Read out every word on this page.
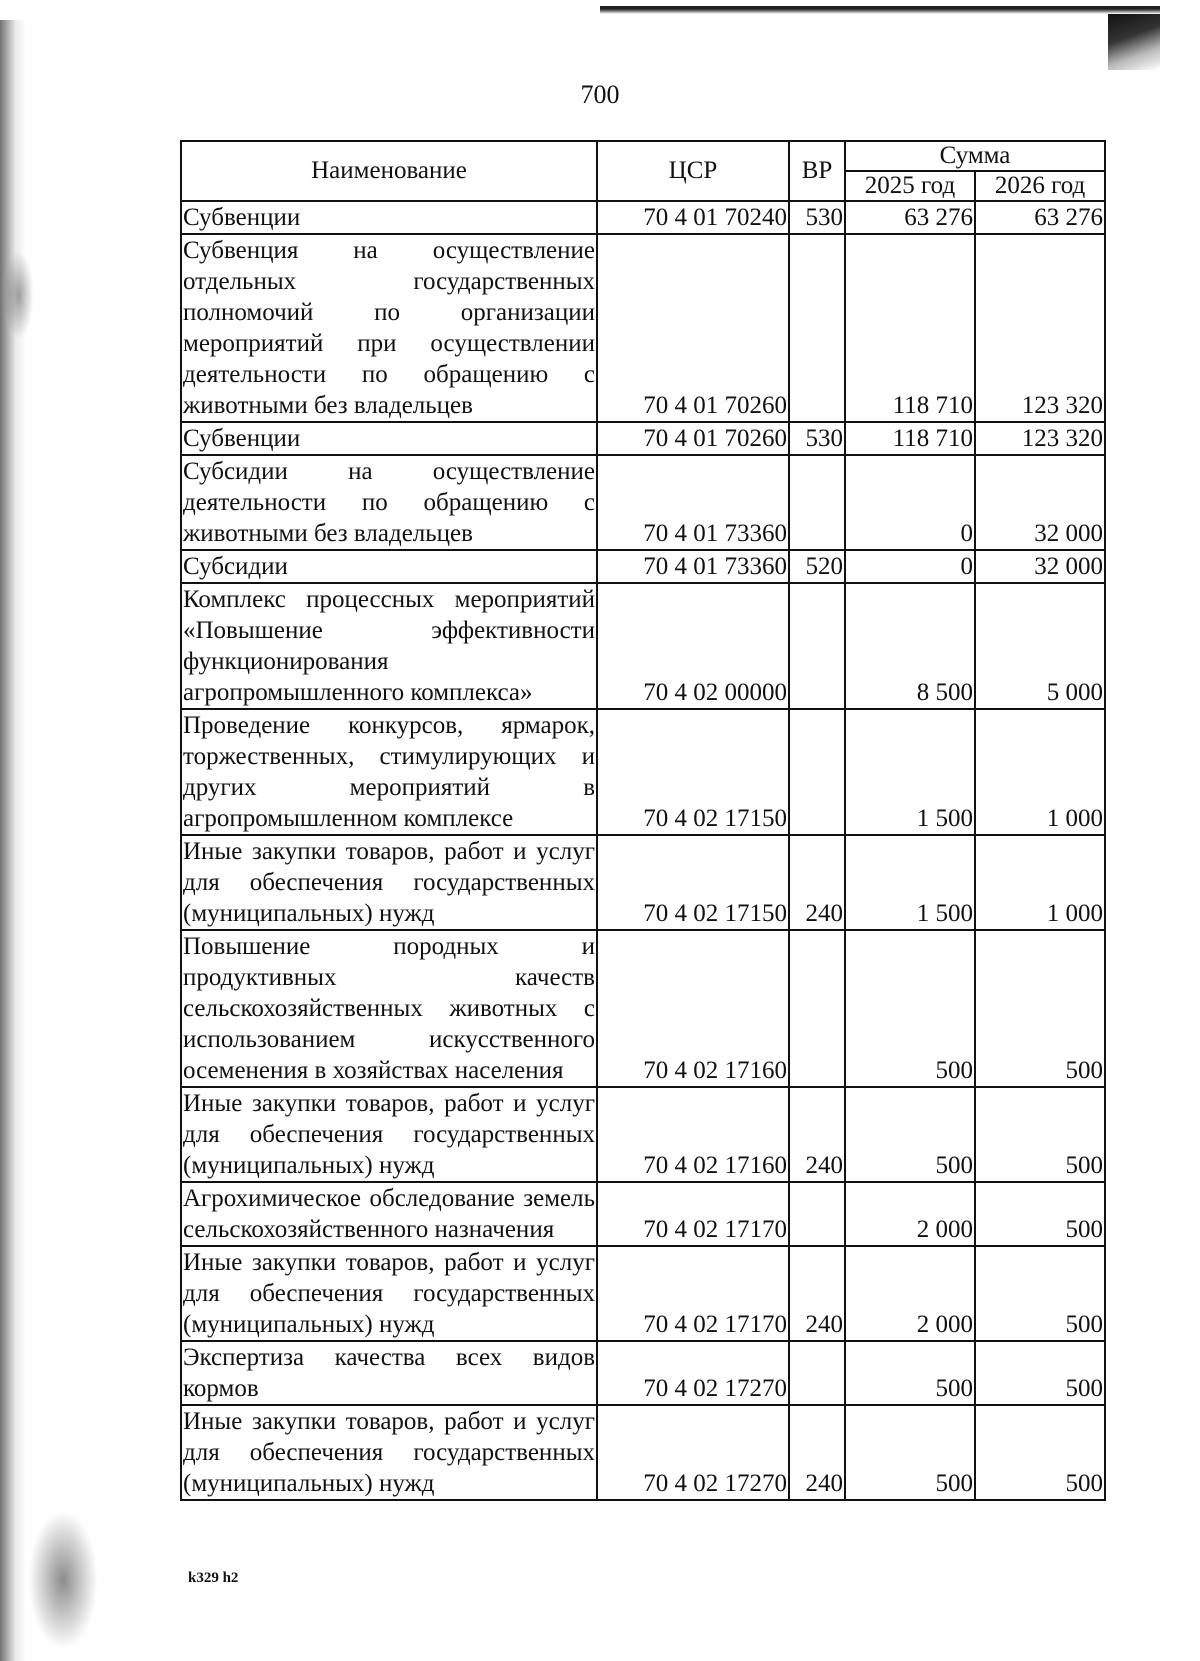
700
Наименование	ЦСР	ВР	Сумма	
			2025 год	2026 год
Субвенции	70 4 01 70240	530	63 276	63 276
Субвенция на осуществление отдельных государственных полномочий по организации мероприятий при осуществлении деятельности по обращению с животными без владельцев	70 4 01 70260		118 710	123 320
Субвенции	70 4 01 70260	530	118 710	123 320
Субсидии на осуществление деятельности по обращению с животными без владельцев	70 4 01 73360		0	32 000
Субсидии	70 4 01 73360	520	0	32 000
Комплекс процессных мероприятий «Повышение эффективности функционирования агропромышленного комплекса»	70 4 02 00000		8 500	5 000
Проведение конкурсов, ярмарок, торжественных, стимулирующих и других мероприятий в агропромышленном комплексе	70 4 02 17150		1 500	1 000
Иные закупки товаров, работ и услуг для обеспечения государственных (муниципальных) нужд	70 4 02 17150	240	1 500	1 000
Повышение породных и продуктивных качеств сельскохозяйственных животных с использованием искусственного осеменения в хозяйствах населения	70 4 02 17160		500	500
Иные закупки товаров, работ и услуг для обеспечения государственных (муниципальных) нужд	70 4 02 17160	240	500	500
Агрохимическое обследование земель сельскохозяйственного назначения	70 4 02 17170		2 000	500
Иные закупки товаров, работ и услуг для обеспечения государственных (муниципальных) нужд	70 4 02 17170	240	2 000	500
Экспертиза качества всех видов кормов	70 4 02 17270		500	500
Иные закупки товаров, работ и услуг для обеспечения государственных (муниципальных) нужд	70 4 02 17270	240	500	500
k329 h2
